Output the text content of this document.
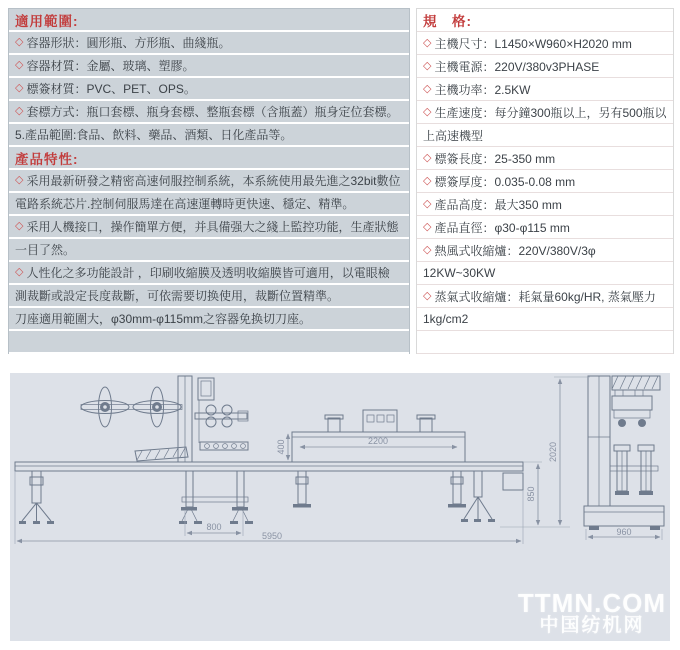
適用範圍:
◇ 容器形狀：圓形瓶、方形瓶、曲綫瓶。
◇ 容器材質：金屬、玻璃、塑膠。
◇ 標簽材質：PVC、PET、OPS。
◇ 套標方式：瓶口套標、瓶身套標、整瓶套標（含瓶蓋）瓶身定位套標。
5.產品範圍:食品、飲料、藥品、酒類、日化產品等。
產品特性:
◇ 采用最新研發之精密高速伺服控制系統，本系統使用最先進之32bit數位
電路系統芯片.控制伺服馬達在高速運轉時更快速、穩定、精準。
◇ 采用人機接口，操作簡單方便，并具備强大之綫上監控功能，生產狀態
一目了然。
◇ 人性化之多功能設計 ，印刷收縮膜及透明收縮膜皆可適用，以電眼檢
測裁斷或設定長度裁斷，可依需要切换使用，裁斷位置精準。
刀座適用範圍大，φ30mm-φ115mm之容器免换切刀座。
規　格:
◇ 主機尺寸：L1450×W960×H2020 mm
◇ 主機電源：220V/380v3PHASE
◇ 主機功率：2.5KW
◇ 生產速度：每分鐘300瓶以上，另有500瓶以
上高速機型
◇ 標簽長度：25-350 mm
◇ 標簽厚度：0.035-0.08 mm
◇ 產品高度：最大350 mm
◇ 產品直徑：φ30-φ115 mm
◇ 熱風式收縮爐：220V/380V/3φ
12KW~30KW
◇ 蒸氣式收縮爐：耗氣量60kg/HR, 蒸氣壓力
1kg/cm2
800
5950
2200
400
850
2020
960
TTMN.COM
中国纺机网
